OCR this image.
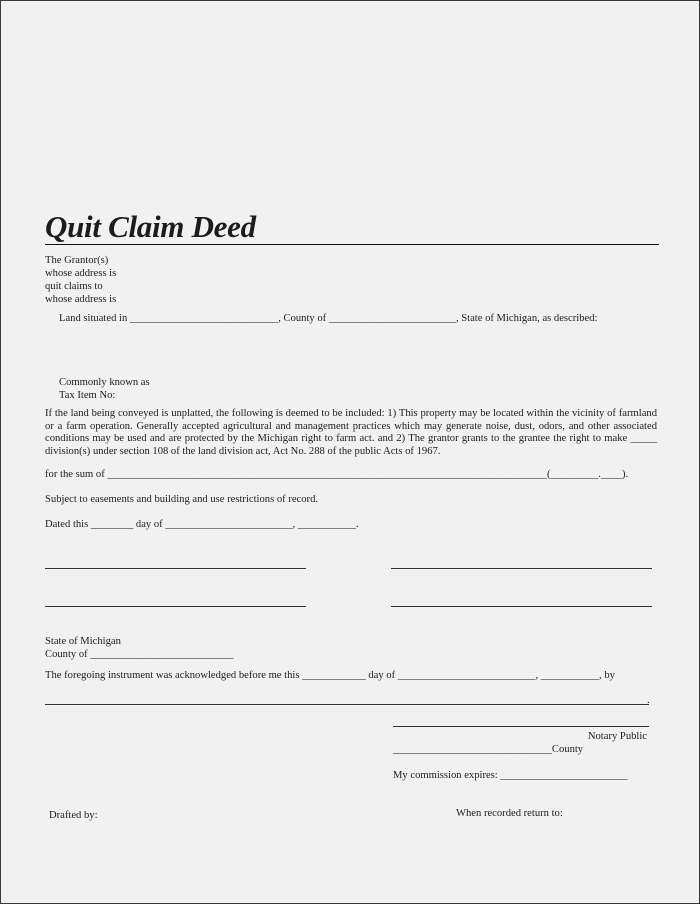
Quit Claim Deed
The Grantor(s)
whose address is
quit claims to
whose address is
Land situated in ____________________________, County of ________________________, State of Michigan, as described:
Commonly known as
Tax Item No:
If the land being conveyed is unplatted, the following is deemed to be included: 1) This property may be located within the vicinity of farmland or a farm operation. Generally accepted agricultural and management practices which may generate noise, dust, odors, and other associated conditions may be used and are protected by the Michigan right to farm act. and 2) The grantor grants to the grantee the right to make _____ division(s) under section 108 of the land division act, Act No. 288 of the public Acts of 1967.
for the sum of ___________________________________________________________________________________(_________.____).
Subject to easements and building and use restrictions of record.
Dated this ________ day of ________________________, ___________.
State of Michigan
County of ___________________________
The foregoing instrument was acknowledged before me this ____________ day of __________________________, ___________, by
.
Notary Public
______________________________County
My commission expires: ________________________
Drafted by:	When recorded return to:
